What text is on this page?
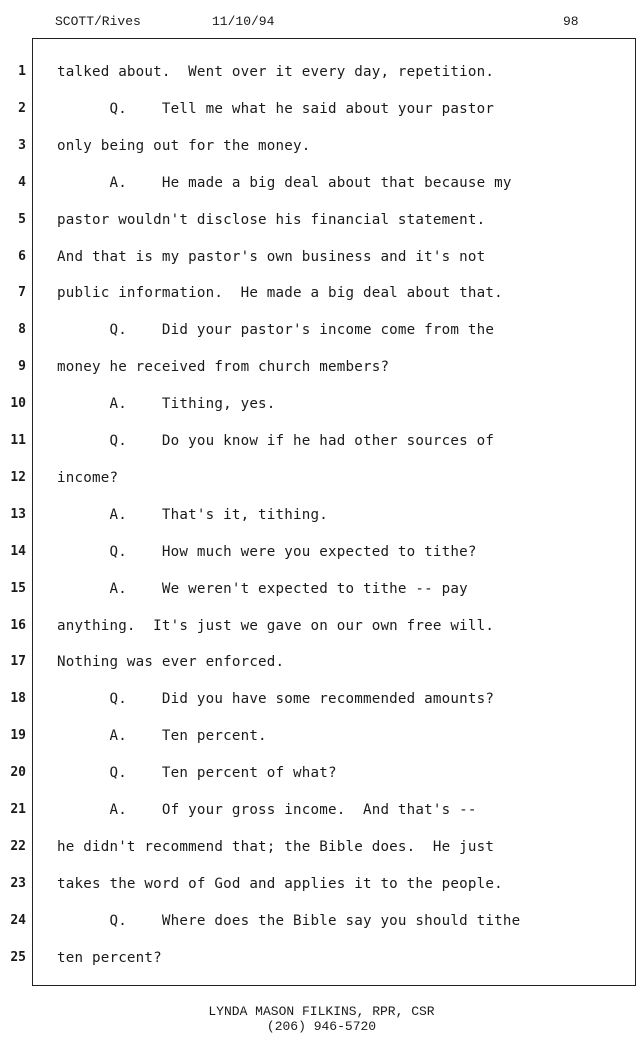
SCOTT/Rives	11/10/94	98
1 talked about.  Went over it every day, repetition.
2 Q.    Tell me what he said about your pastor
3 only being out for the money.
4 A.    He made a big deal about that because my
5 pastor wouldn't disclose his financial statement.
6 And that is my pastor's own business and it's not
7 public information.  He made a big deal about that.
8 Q.    Did your pastor's income come from the
9 money he received from church members?
10 A.    Tithing, yes.
11 Q.    Do you know if he had other sources of
12 income?
13 A.    That's it, tithing.
14 Q.    How much were you expected to tithe?
15 A.    We weren't expected to tithe -- pay
16 anything.  It's just we gave on our own free will.
17 Nothing was ever enforced.
18 Q.    Did you have some recommended amounts?
19 A.    Ten percent.
20 Q.    Ten percent of what?
21 A.    Of your gross income.  And that's --
22 he didn't recommend that; the Bible does.  He just
23 takes the word of God and applies it to the people.
24 Q.    Where does the Bible say you should tithe
25 ten percent?
LYNDA MASON FILKINS, RPR, CSR
(206) 946-5720
